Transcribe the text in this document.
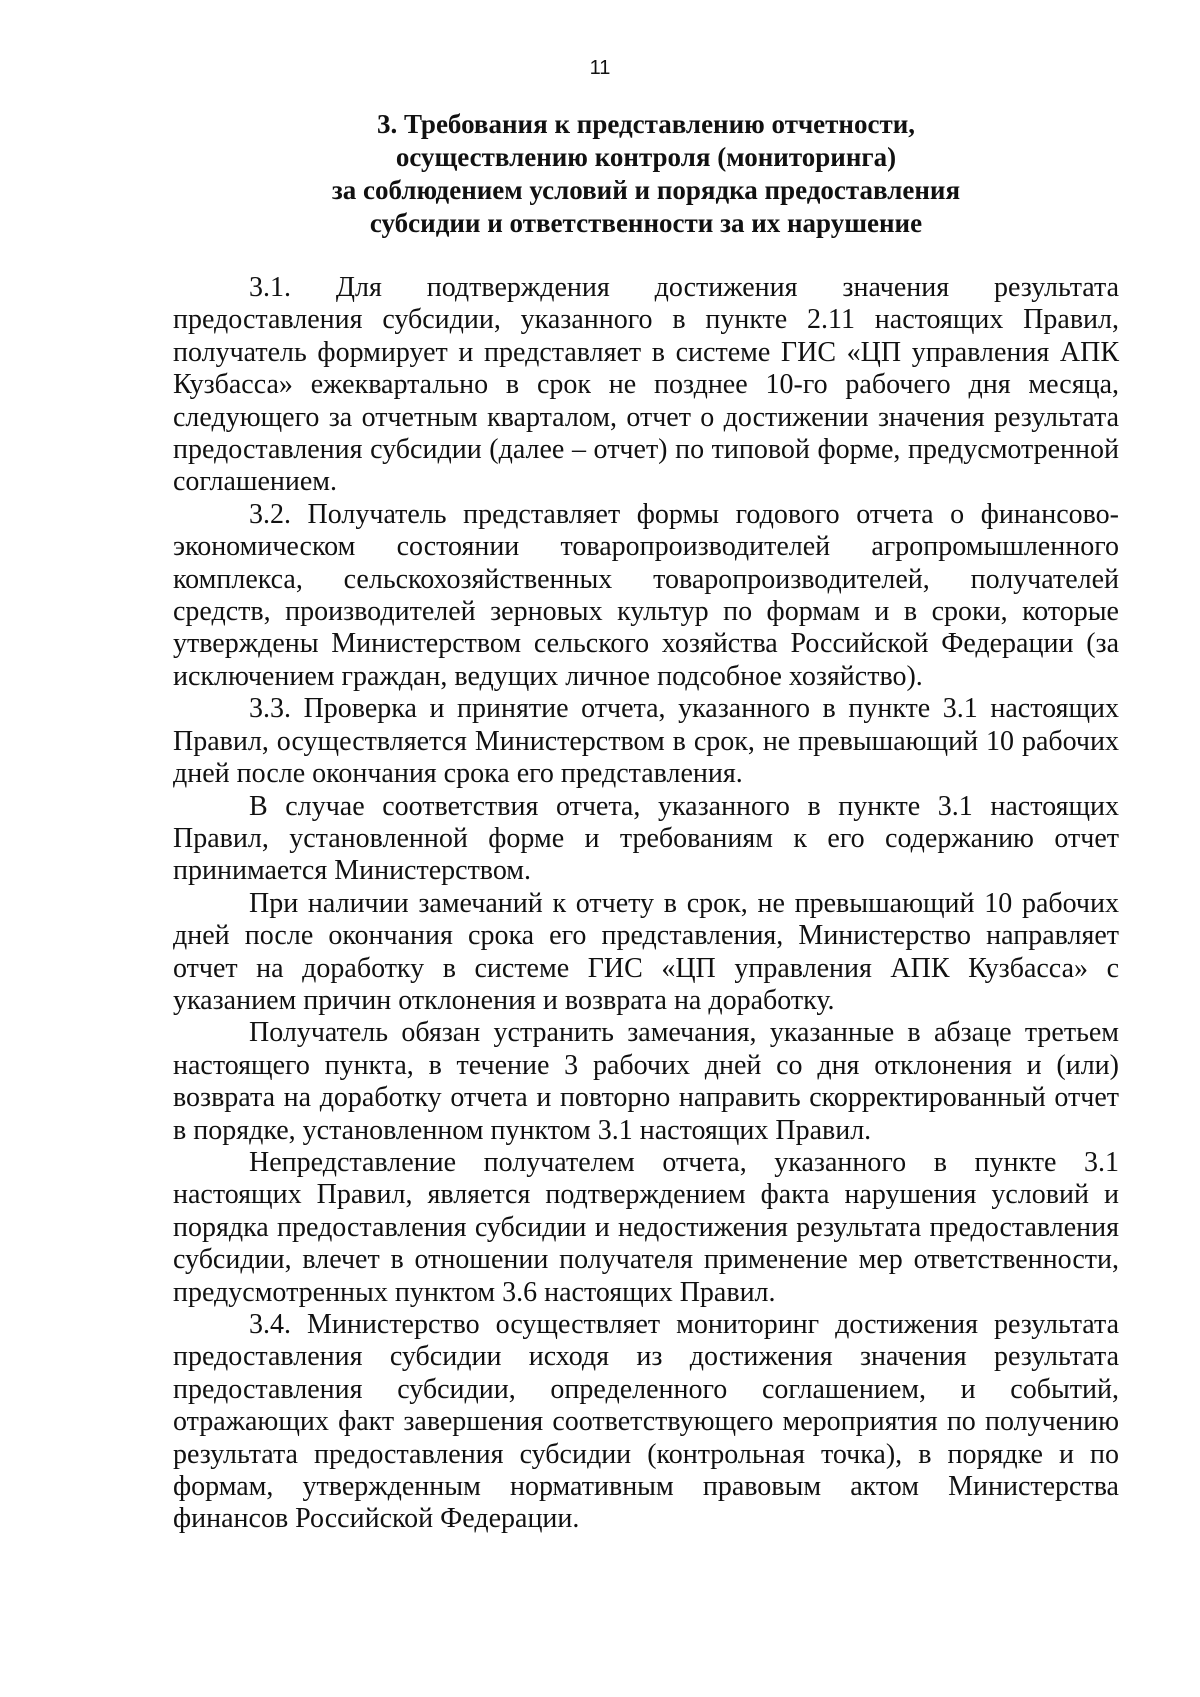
11
3. Требования к представлению отчетности,
осуществлению контроля (мониторинга)
за соблюдением условий и порядка предоставления
субсидии и ответственности за их нарушение

3.1. Для подтверждения достижения значения результата предоставления субсидии, указанного в пункте 2.11 настоящих Правил, получатель формирует и представляет в системе ГИС «ЦП управления АПК Кузбасса» ежеквартально в срок не позднее 10-го рабочего дня месяца, следующего за отчетным кварталом, отчет о достижении значения результата предоставления субсидии (далее – отчет) по типовой форме, предусмотренной соглашением.

3.2. Получатель представляет формы годового отчета о финансово-экономическом состоянии товаропроизводителей агропромышленного комплекса, сельскохозяйственных товаропроизводителей, получателей средств, производителей зерновых культур по формам и в сроки, которые утверждены Министерством сельского хозяйства Российской Федерации (за исключением граждан, ведущих личное подсобное хозяйство).

3.3. Проверка и принятие отчета, указанного в пункте 3.1 настоящих Правил, осуществляется Министерством в срок, не превышающий 10 рабочих дней после окончания срока его представления.

В случае соответствия отчета, указанного в пункте 3.1 настоящих Правил, установленной форме и требованиям к его содержанию отчет принимается Министерством.

При наличии замечаний к отчету в срок, не превышающий 10 рабочих дней после окончания срока его представления, Министерство направляет отчет на доработку в системе ГИС «ЦП управления АПК Кузбасса» с указанием причин отклонения и возврата на доработку.

Получатель обязан устранить замечания, указанные в абзаце третьем настоящего пункта, в течение 3 рабочих дней со дня отклонения и (или) возврата на доработку отчета и повторно направить скорректированный отчет в порядке, установленном пунктом 3.1 настоящих Правил.

Непредставление получателем отчета, указанного в пункте 3.1 настоящих Правил, является подтверждением факта нарушения условий и порядка предоставления субсидии и недостижения результата предоставления субсидии, влечет в отношении получателя применение мер ответственности, предусмотренных пунктом 3.6 настоящих Правил.

3.4. Министерство осуществляет мониторинг достижения результата предоставления субсидии исходя из достижения значения результата предоставления субсидии, определенного соглашением, и событий, отражающих факт завершения соответствующего мероприятия по получению результата предоставления субсидии (контрольная точка), в порядке и по формам, утвержденным нормативным правовым актом Министерства финансов Российской Федерации.
